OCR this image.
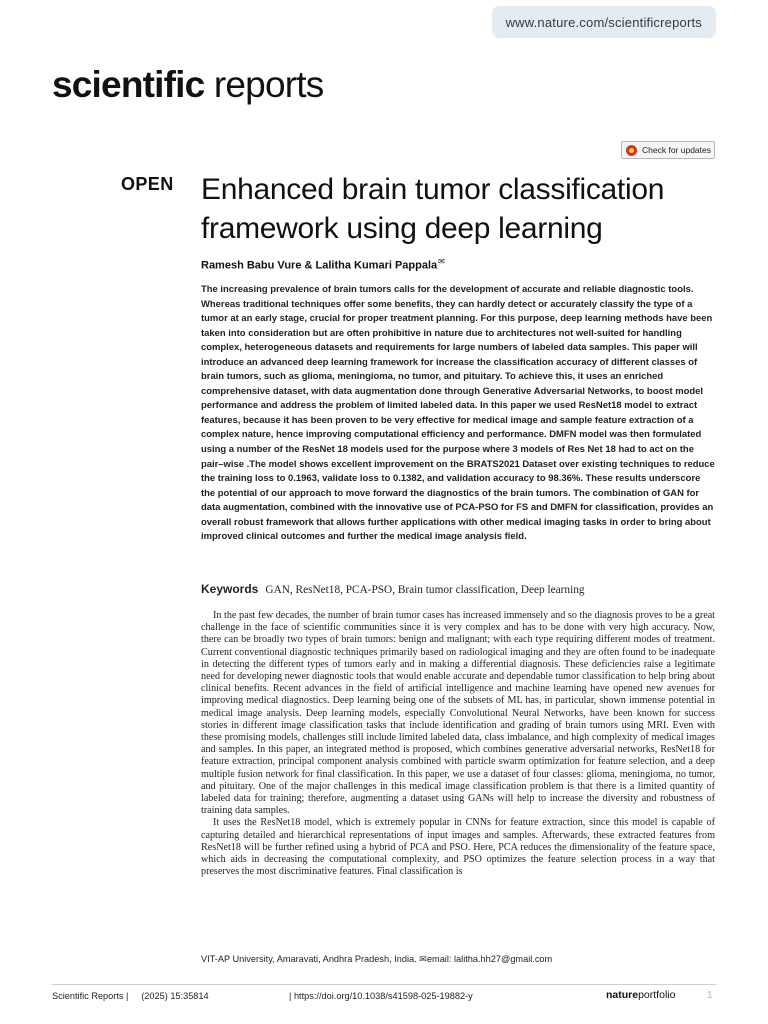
www.nature.com/scientificreports
scientific reports
Check for updates
OPEN Enhanced brain tumor classification framework using deep learning
Ramesh Babu Vure & Lalitha Kumari Pappala✉

The increasing prevalence of brain tumors calls for the development of accurate and reliable diagnostic tools. Whereas traditional techniques offer some benefits, they can hardly detect or accurately classify the type of a tumor at an early stage, crucial for proper treatment planning. For this purpose, deep learning methods have been taken into consideration but are often prohibitive in nature due to architectures not well-suited for handling complex, heterogeneous datasets and requirements for large numbers of labeled data samples. This paper will introduce an advanced deep learning framework for increase the classification accuracy of different classes of brain tumors, such as glioma, meningioma, no tumor, and pituitary. To achieve this, it uses an enriched comprehensive dataset, with data augmentation done through Generative Adversarial Networks, to boost model performance and address the problem of limited labeled data. In this paper we used ResNet18 model to extract features, because it has been proven to be very effective for medical image and sample feature extraction of a complex nature, hence improving computational efficiency and performance. DMFN model was then formulated using a number of the ResNet 18 models used for the purpose where 3 models of Res Net 18 had to act on the pair–wise .The model shows excellent improvement on the BRATS2021 Dataset over existing techniques to reduce the training loss to 0.1963, validate loss to 0.1382, and validation accuracy to 98.36%. These results underscore the potential of our approach to move forward the diagnostics of the brain tumors. The combination of GAN for data augmentation, combined with the innovative use of PCA-PSO for FS and DMFN for classification, provides an overall robust framework that allows further applications with other medical imaging tasks in order to bring about improved clinical outcomes and further the medical image analysis field.

Keywords GAN, ResNet18, PCA-PSO, Brain tumor classification, Deep learning

In the past few decades, the number of brain tumor cases has increased immensely and so the diagnosis proves to be a great challenge in the face of scientific communities since it is very complex and has to be done with very high accuracy. Now, there can be broadly two types of brain tumors: benign and malignant; with each type requiring different modes of treatment. Current conventional diagnostic techniques primarily based on radiological imaging and they are often found to be inadequate in detecting the different types of tumors early and in making a differential diagnosis. These deficiencies raise a legitimate need for developing newer diagnostic tools that would enable accurate and dependable tumor classification to help bring about clinical benefits. Recent advances in the field of artificial intelligence and machine learning have opened new avenues for improving medical diagnostics. Deep learning being one of the subsets of ML has, in particular, shown immense potential in medical image analysis. Deep learning models, especially Convolutional Neural Networks, have been known for success stories in different image classification tasks that include identification and grading of brain tumors using MRI. Even with these promising models, challenges still include limited labeled data, class imbalance, and high complexity of medical images and samples. In this paper, an integrated method is proposed, which combines generative adversarial networks, ResNet18 for feature extraction, principal component analysis combined with particle swarm optimization for feature selection, and a deep multiple fusion network for final classification. In this paper, we use a dataset of four classes: glioma, meningioma, no tumor, and pituitary. One of the major challenges in this medical image classification problem is that there is a limited quantity of labeled data for training; therefore, augmenting a dataset using GANs will help to increase the diversity and robustness of training data samples.

It uses the ResNet18 model, which is extremely popular in CNNs for feature extraction, since this model is capable of capturing detailed and hierarchical representations of input images and samples. Afterwards, these extracted features from ResNet18 will be further refined using a hybrid of PCA and PSO. Here, PCA reduces the dimensionality of the feature space, which aids in decreasing the computational complexity, and PSO optimizes the feature selection process in a way that preserves the most discriminative features. Final classification is

VIT-AP University, Amaravati, Andhra Pradesh, India. ✉email: lalitha.hh27@gmail.com
Scientific Reports | (2025) 15:35814	| https://doi.org/10.1038/s41598-025-19882-y	natureportfolio	1
